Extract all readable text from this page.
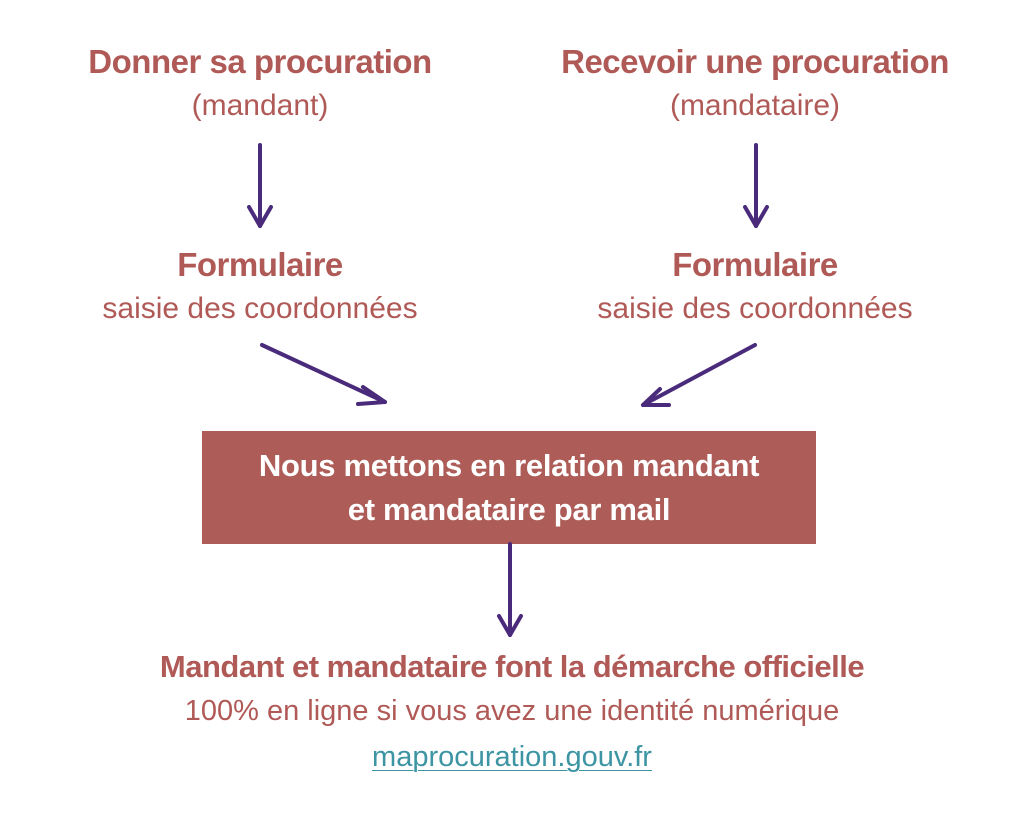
Donner sa procuration
(mandant)
Recevoir une procuration
(mandataire)
Formulaire
saisie des coordonnées
Formulaire
saisie des coordonnées
Nous mettons en relation mandant
et mandataire par mail
Mandant et mandataire font la démarche officielle
100% en ligne si vous avez une identité numérique
maprocuration.gouv.fr
